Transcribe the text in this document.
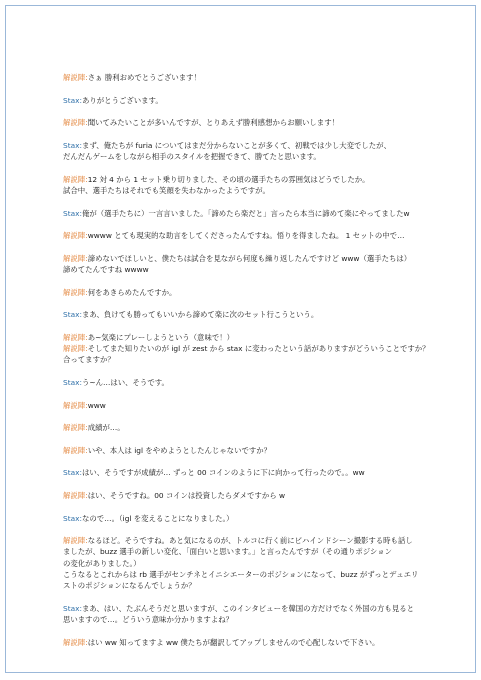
解説陣:さぁ 勝利おめでとうございます！

Stax:ありがとうございます。

解説陣:聞いてみたいことが多いんですが、とりあえず勝利感想からお願いします！

Stax:まず、俺たちが furia についてはまだ分からないことが多くて、初戦では少し大変でしたが、
だんだんゲームをしながら相手のスタイルを把握できて、勝てたと思います。

解説陣:12 対 4 から 1 セット乗り切りました、その頃の選手たちの雰囲気はどうでしたか。
試合中、選手たちはそれでも笑顔を失わなかったようですが。

Stax:俺が（選手たちに）一言言いました。「諦めたら楽だと」言ったら本当に諦めて楽にやってましたw

解説陣:wwww とても現実的な助言をしてくださったんですね。悟りを得ましたね。 1 セットの中で…

解説陣:諦めないでほしいと、僕たちは試合を見ながら何度も繰り返したんですけど www（選手たちは）
諦めてたんですね wwww

解説陣:何をあきらめたんですか。

Stax:まあ、負けても勝ってもいいから諦めて楽に次のセット行こうという。

解説陣:あ~気楽にプレーしようという（意味で！）

解説陣:そしてまた知りたいのが igl が zest から stax に変わったという話がありますがどういうことですか？
合ってますか？

Stax:う~ん…はい、そうです。

解説陣:www

解説陣:成績が…。

解説陣:いや、本人は igl をやめようとしたんじゃないですか？

Stax:はい、そうですが成績が… ずっと 00 コインのように下に向かって行ったので。。ww

解説陣:はい、そうですね。00 コインは投資したらダメですから w

Stax:なので…。（igl を変えることになりました。）

解説陣:なるほど。そうですね。あと気になるのが、トルコに行く前にビハインドシーン撮影する時も話し
ましたが、buzz 選手の新しい変化、「面白いと思います。」と言ったんですが（その通りポジション
の変化がありました。）
こうなるとこれからは rb 選手がセンチネとイニシエーターのポジションになって、buzz がずっとデュエリ
ストのポジションになるんでしょうか？

Stax:まあ、はい、たぶんそうだと思いますが、このインタビューを韓国の方だけでなく外国の方も見ると
思いますので…。どういう意味か分かりますよね？

解説陣:はい ww 知ってますよ ww 僕たちが翻訳してアップしませんので心配しないで下さい。
